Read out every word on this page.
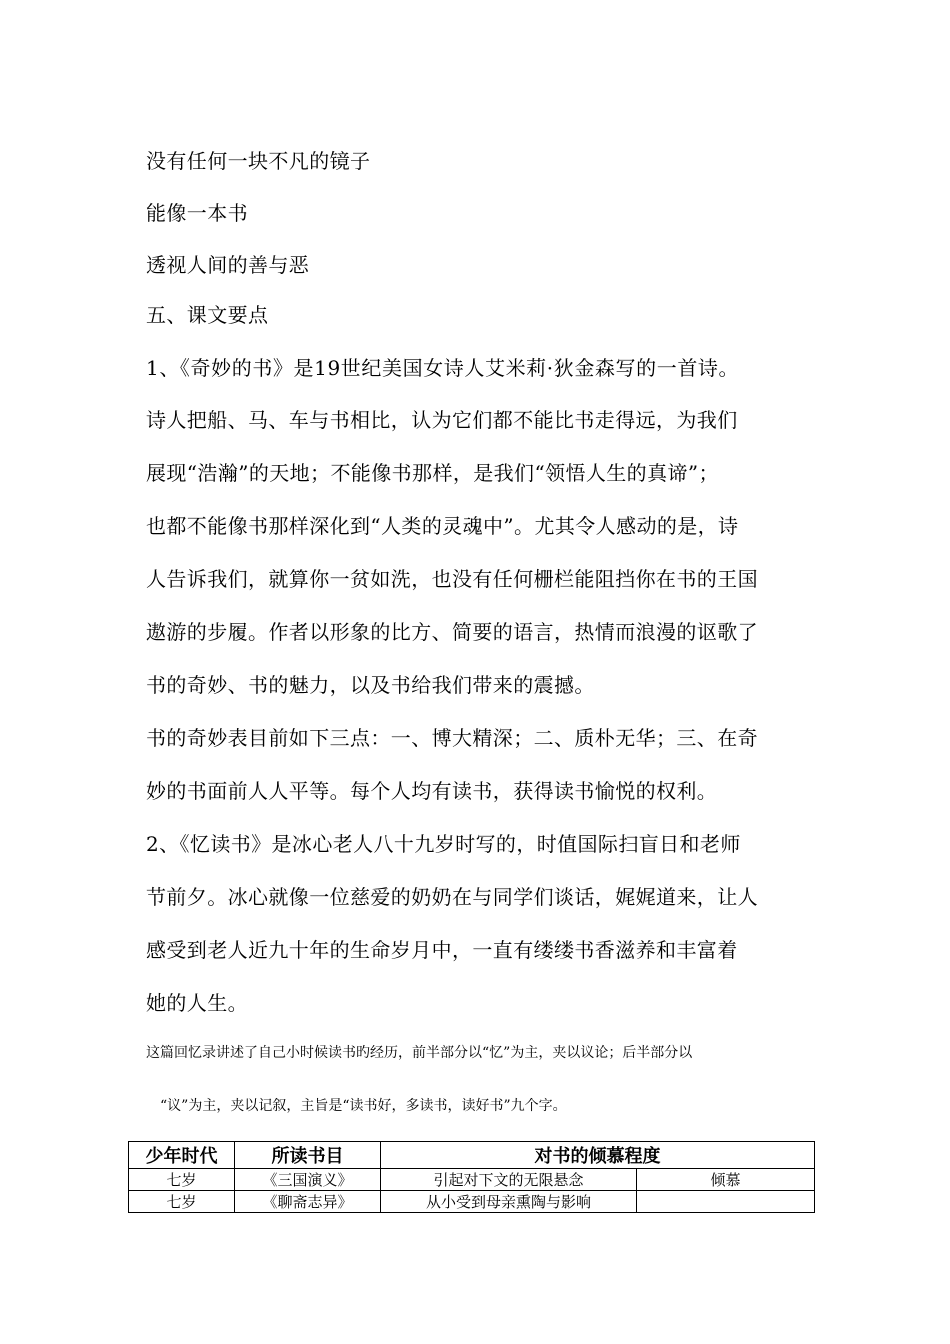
没有任何一块不凡的镜子
能像一本书
透视人间的善与恶
五、课文要点
1、《奇妙的书》是19世纪美国女诗人艾米莉·狄金森写的一首诗。
诗人把船、马、车与书相比，认为它们都不能比书走得远，为我们
展现“浩瀚”的天地；不能像书那样，是我们“领悟人生的真谛”；
也都不能像书那样深化到“人类的灵魂中”。尤其令人感动的是，诗
人告诉我们，就算你一贫如洗，也没有任何栅栏能阻挡你在书的王国
遨游的步履。作者以形象的比方、简要的语言，热情而浪漫的讴歌了
书的奇妙、书的魅力，以及书给我们带来的震撼。
书的奇妙表目前如下三点：一、博大精深；二、质朴无华；三、在奇
妙的书面前人人平等。每个人均有读书，获得读书愉悦的权利。
2、《忆读书》是冰心老人八十九岁时写的，时值国际扫盲日和老师
节前夕。冰心就像一位慈爱的奶奶在与同学们谈话，娓娓道来，让人
感受到老人近九十年的生命岁月中，一直有缕缕书香滋养和丰富着
她的人生。
这篇回忆录讲述了自己小时候读书旳经历，前半部分以“忆”为主，夹以议论；后半部分以
“议”为主，夹以记叙，主旨是“读书好，多读书，读好书”九个字。
少年时代	所读书目	对书的倾慕程度	
七岁	《三国演义》	引起对下文的无限悬念	倾慕
七岁	《聊斋志异》	从小受到母亲熏陶与影响	
